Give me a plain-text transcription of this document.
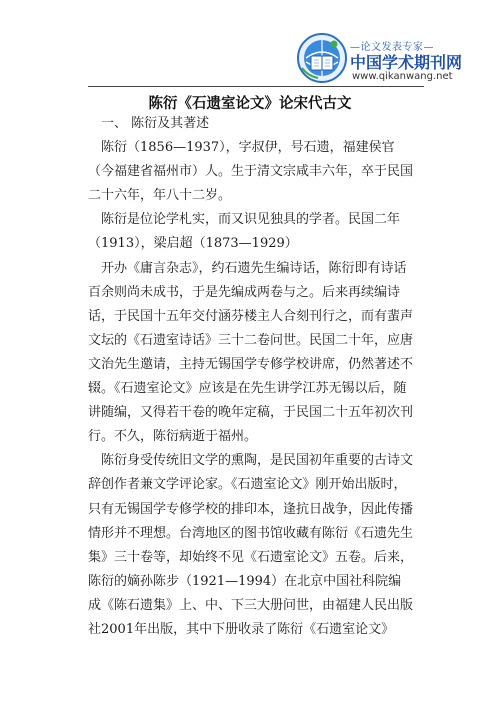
—论文发表专家—
中国学术期刊网
www.qikanwang.net
陈衍《石遗室论文》论宋代古文

一、 陈衍及其著述

陈衍（1856—1937），字叔伊，号石遗，福建侯官（今福建省福州市）人。生于清文宗咸丰六年，卒于民国二十六年，年八十二岁。

陈衍是位论学札实，而又识见独具的学者。民国二年（1913），梁启超（1873—1929）

开办《庸言杂志》，约石遗先生编诗话，陈衍即有诗话百余则尚未成书，于是先编成两卷与之。后来再续编诗话，于民国十五年交付涵芬楼主人合刻刊行之，而有蜚声文坛的《石遗室诗话》三十二卷问世。民国二十年，应唐文治先生邀请，主持无锡国学专修学校讲席，仍然著述不辍。《石遗室论文》应该是在先生讲学江苏无锡以后，随讲随编，又得若干卷的晚年定稿，于民国二十五年初次刊行。不久，陈衍病逝于福州。

陈衍身受传统旧文学的熏陶，是民国初年重要的古诗文辞创作者兼文学评论家。《石遗室论文》刚开始出版时，只有无锡国学专修学校的排印本，逢抗日战争，因此传播情形并不理想。台湾地区的图书馆收藏有陈衍《石遗先生集》三十卷等，却始终不见《石遗室论文》五卷。后来，陈衍的嫡孙陈步（1921—1994）在北京中国社科院编成《陈石遗集》上、中、下三大册问世，由福建人民出版社2001年出版，其中下册收录了陈衍《石遗室论文》
